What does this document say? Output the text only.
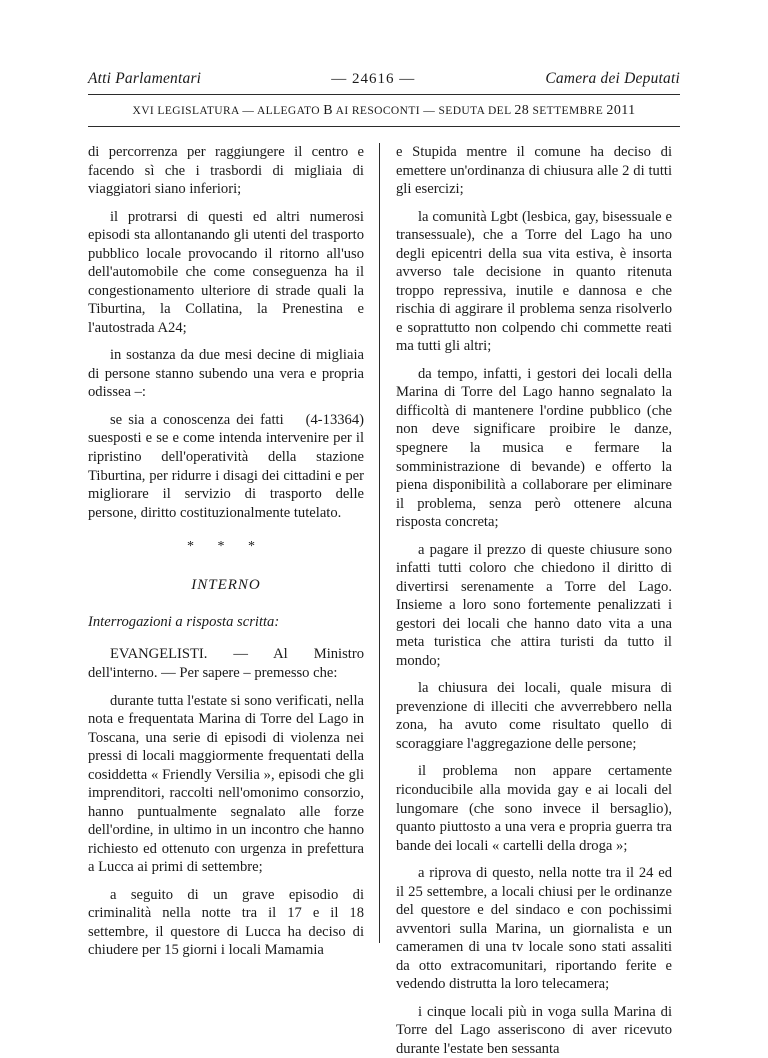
Atti Parlamentari	— 24616 —	Camera dei Deputati
XVI LEGISLATURA — ALLEGATO B AI RESOCONTI — SEDUTA DEL 28 SETTEMBRE 2011

di percorrenza per raggiungere il centro e facendo sì che i trasbordi di migliaia di viaggiatori siano inferiori;

il protrarsi di questi ed altri numerosi episodi sta allontanando gli utenti del trasporto pubblico locale provocando il ritorno all'uso dell'automobile che come conseguenza ha il congestionamento ulteriore di strade quali la Tiburtina, la Collatina, la Prenestina e l'autostrada A24;

in sostanza da due mesi decine di migliaia di persone stanno subendo una vera e propria odissea –:

(4-13364)
se sia a conoscenza dei fatti suesposti e se e come intenda intervenire per il ripristino dell'operatività della stazione Tiburtina, per ridurre i disagi dei cittadini e per migliorare il servizio di trasporto delle persone, diritto costituzionalmente tutelato.

* * *

INTERNO

Interrogazioni a risposta scritta:

EVANGELISTI. — Al Ministro dell'interno. — Per sapere – premesso che:

durante tutta l'estate si sono verificati, nella nota e frequentata Marina di Torre del Lago in Toscana, una serie di episodi di violenza nei pressi di locali maggiormente frequentati della cosiddetta « Friendly Versilia », episodi che gli imprenditori, raccolti nell'omonimo consorzio, hanno puntualmente segnalato alle forze dell'ordine, in ultimo in un incontro che hanno richiesto ed ottenuto con urgenza in prefettura a Lucca ai primi di settembre;

a seguito di un grave episodio di criminalità nella notte tra il 17 e il 18 settembre, il questore di Lucca ha deciso di chiudere per 15 giorni i locali Mamamia

e Stupida mentre il comune ha deciso di emettere un'ordinanza di chiusura alle 2 di tutti gli esercizi;

la comunità Lgbt (lesbica, gay, bisessuale e transessuale), che a Torre del Lago ha uno degli epicentri della sua vita estiva, è insorta avverso tale decisione in quanto ritenuta troppo repressiva, inutile e dannosa e che rischia di aggirare il problema senza risolverlo e soprattutto non colpendo chi commette reati ma tutti gli altri;

da tempo, infatti, i gestori dei locali della Marina di Torre del Lago hanno segnalato la difficoltà di mantenere l'ordine pubblico (che non deve significare proibire le danze, spegnere la musica e fermare la somministrazione di bevande) e offerto la piena disponibilità a collaborare per eliminare il problema, senza però ottenere alcuna risposta concreta;

a pagare il prezzo di queste chiusure sono infatti tutti coloro che chiedono il diritto di divertirsi serenamente a Torre del Lago. Insieme a loro sono fortemente penalizzati i gestori dei locali che hanno dato vita a una meta turistica che attira turisti da tutto il mondo;

la chiusura dei locali, quale misura di prevenzione di illeciti che avverrebbero nella zona, ha avuto come risultato quello di scoraggiare l'aggregazione delle persone;

il problema non appare certamente riconducibile alla movida gay e ai locali del lungomare (che sono invece il bersaglio), quanto piuttosto a una vera e propria guerra tra bande dei locali « cartelli della droga »;

a riprova di questo, nella notte tra il 24 ed il 25 settembre, a locali chiusi per le ordinanze del questore e del sindaco e con pochissimi avventori sulla Marina, un giornalista e un cameramen di una tv locale sono stati assaliti da otto extracomunitari, riportando ferite e vedendo distrutta la loro telecamera;

i cinque locali più in voga sulla Marina di Torre del Lago asseriscono di aver ricevuto durante l'estate ben sessanta
